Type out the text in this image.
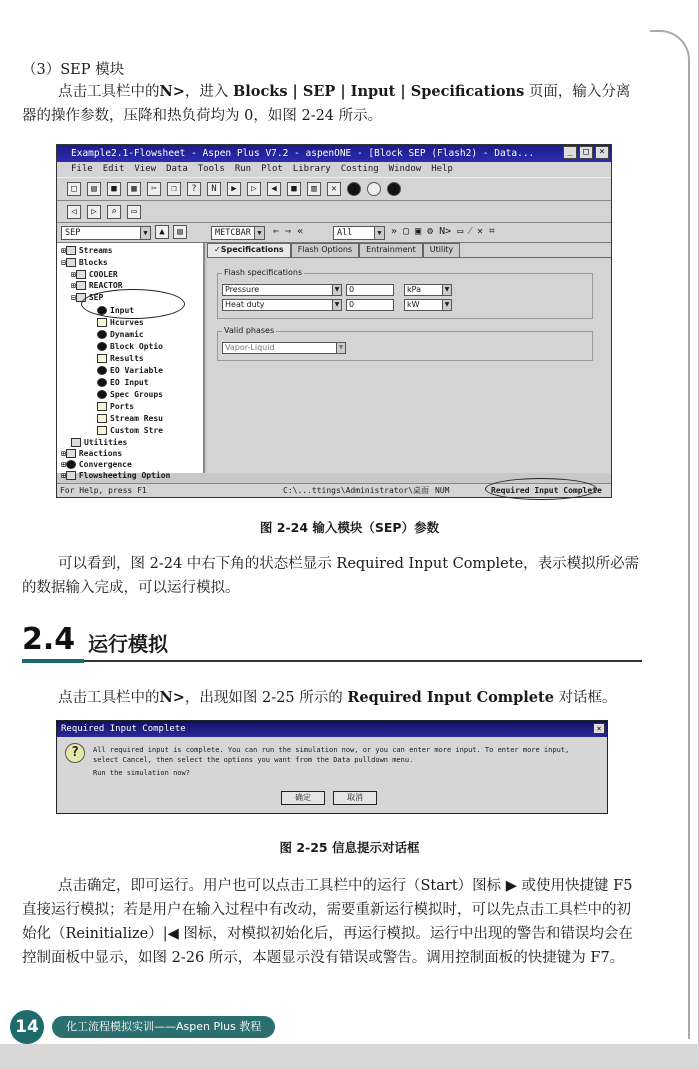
（3）SEP 模块
点击工具栏中的N>，进入 Blocks | SEP | Input | Specifications 页面，输入分离器的操作参数，压降和热负荷均为 0，如图 2-24 所示。
Example2.1-Flowsheet - Aspen Plus V7.2 - aspenONE - [Block SEP (Flash2) - Data...	_	□	×
File Edit View Data Tools Run Plot Library Costing Window Help
□	▤	■	▦	✂	❐	?	N	▶	▷	◀	■	▥	✕
◁	▷	⌕	▭
SEP	▼	▲	▤	METCBAR ▼ ⇐ ⇒ «	All	▼ » ▢ ▣ ⚙ N> ▭ ⁄ ✕ ⌗
⊞ Streams
⊟ Blocks
⊞ COOLER
⊞ REACTOR
⊟ SEP
Input
Hcurves
Dynamic
Block Optio
Results
EO Variable
EO Input
Spec Groups
Ports
Stream Resu
Custom Stre
Utilities
⊞ Reactions
⊞ Convergence
⊞ Flowsheeting Option
✓Specifications	Flash Options	Entrainment	Utility
Flash specifications
Pressure	▼	0	kPa	▼
Heat duty	▼	0	kW	▼
Valid phases
Vapor-Liquid	▼
For Help, press F1	C:\...ttings\Administrator\桌面 NUM	Required Input Complete
图 2-24 输入模块（SEP）参数
可以看到，图 2-24 中右下角的状态栏显示 Required Input Complete，表示模拟所必需的数据输入完成，可以运行模拟。
2.4 运行模拟
点击工具栏中的N>，出现如图 2-25 所示的 Required Input Complete 对话框。
Required Input Complete	×
?	All required input is complete. You can run the simulation now, or you can enter more input. To enter more input, select Cancel, then select the options you want from the Data pulldown menu.
Run the simulation now?
确定	取消
图 2-25 信息提示对话框
点击确定，即可运行。用户也可以点击工具栏中的运行（Start）图标 ▶ 或使用快捷键 F5 直接运行模拟；若是用户在输入过程中有改动，需要重新运行模拟时，可以先点击工具栏中的初始化（Reinitialize）|◀ 图标，对模拟初始化后，再运行模拟。运行中出现的警告和错误均会在控制面板中显示，如图 2-26 所示，本题显示没有错误或警告。调用控制面板的快捷键为 F7。
14	化工流程模拟实训——Aspen Plus 教程
